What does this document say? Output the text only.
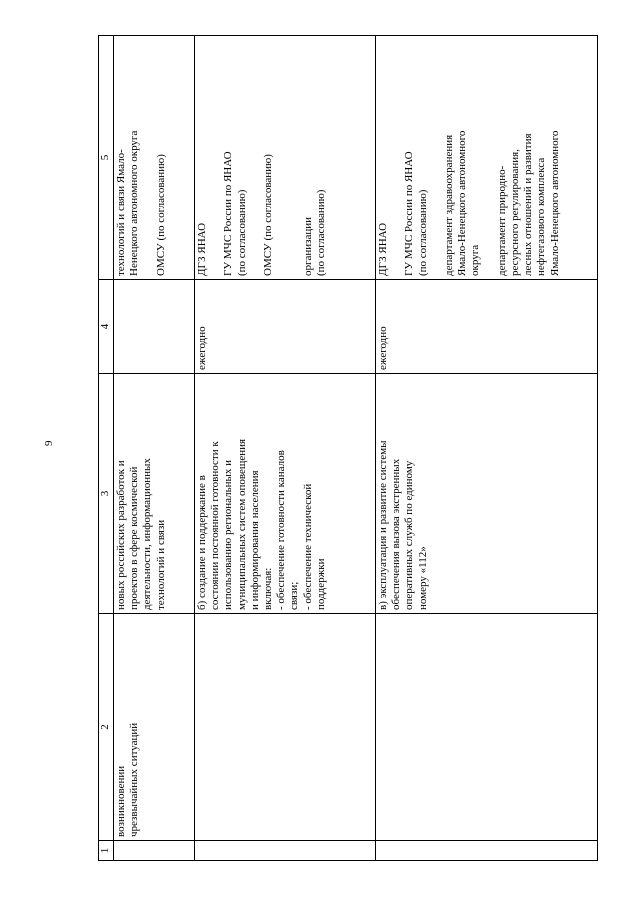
9
1
2
3
4
5
возникновении
чрезвычайных ситуаций
новых российских разработок и
проектов в сфере космической
деятельности, информационных
технологий и связи
технологий и связи Ямало-
Ненецкого автономного округа

ОМСУ (по согласованию)
б) создание и поддержание в
состоянии постоянной готовности к
использованию региональных и
муниципальных систем оповещения
и информирования населения
включая:
- обеспечение готовности каналов
связи;
- обеспечение технической
поддержки
ежегодно
ДГЗ ЯНАО

ГУ МЧС России по ЯНАО
(по согласованию)

ОМСУ (по согласованию)

организации
(по согласованию)
в) эксплуатация и развитие системы
обеспечения вызова экстренных
оперативных служб по единому
номеру «112»
ежегодно
ДГЗ ЯНАО

ГУ МЧС России по ЯНАО
(по согласованию)

департамент здравоохранения
Ямало-Ненецкого автономного
округа

департамент природно-
ресурсного регулирования,
лесных отношений и развития
нефтегазового комплекса
Ямало-Ненецкого автономного
